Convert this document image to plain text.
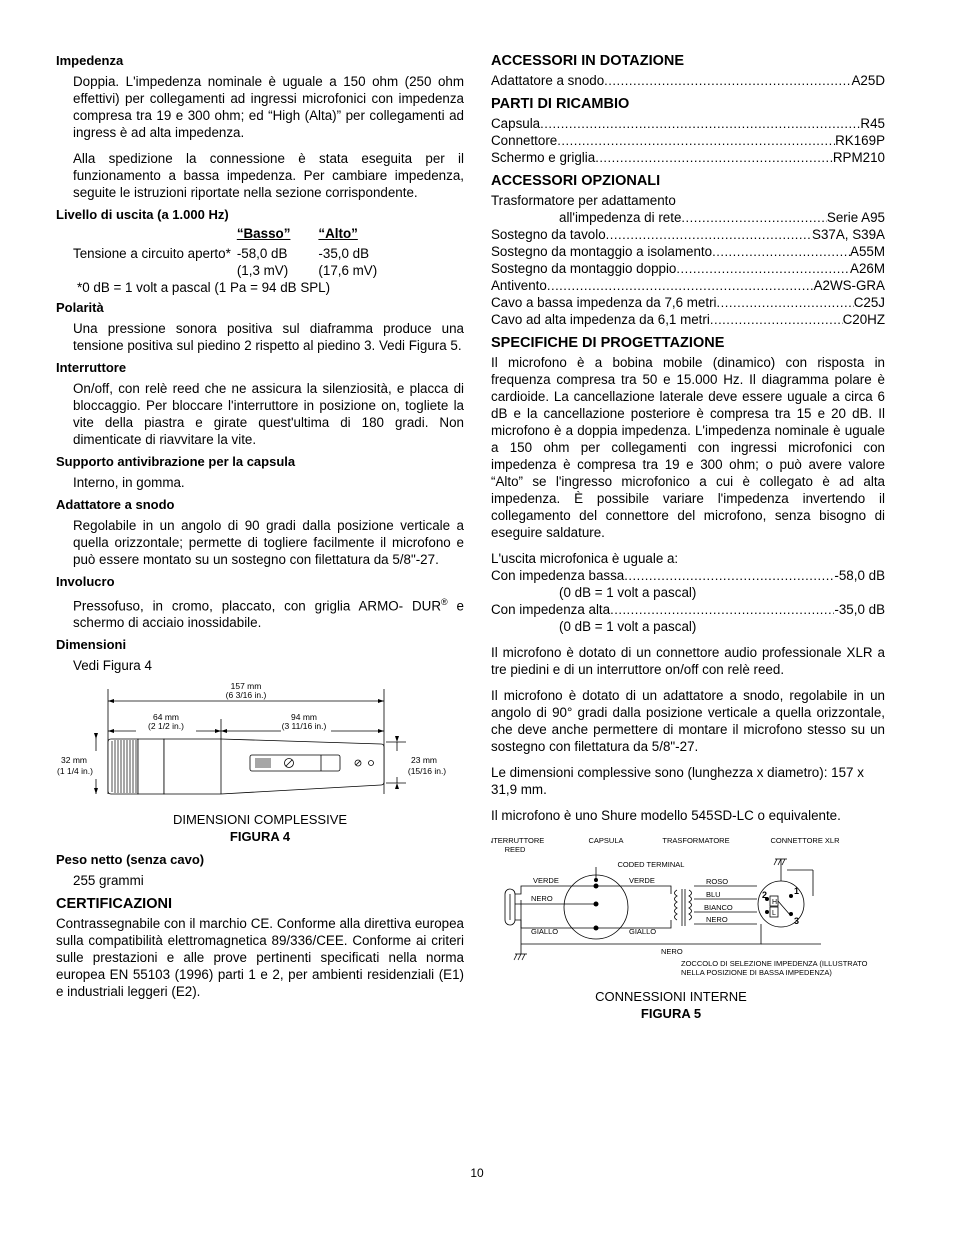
Impedenza

Doppia. L'impedenza nominale è uguale a 150 ohm (250 ohm effettivi) per collegamenti ad ingressi microfonici con impedenza compresa tra 19 e 300 ohm; ed “High (Alta)” per collegamenti ad ingress è ad alta impedenza.

Alla spedizione la connessione è stata eseguita per il funzionamento a bassa impedenza. Per cambiare impedenza, seguite le istruzioni riportate nella sezione corrispondente.

Livello di uscita (a 1.000 Hz)
	“Basso”	“Alto”
Tensione a circuito aperto*	-58,0 dB	-35,0 dB
	(1,3 mV)	(17,6 mV)
*0 dB = 1 volt a pascal (1 Pa = 94 dB SPL)
Polarità
Una pressione sonora positiva sul diaframma produce una tensione positiva sul piedino 2 rispetto al piedino 3. Vedi Figura 5.
Interruttore
On/off, con relè reed che ne assicura la silenziosità, e placca di bloccaggio. Per bloccare l'interruttore in posizione on, togliete la vite della piastra e girate quest'ultima di 180 gradi. Non dimenticate di riavvitare la vite.
Supporto antivibrazione per la capsula
Interno, in gomma.
Adattatore a snodo
Regolabile in un angolo di 90 gradi dalla posizione verticale a quella orizzontale; permette di togliere facilmente il microfono e può essere montato su un sostegno con filettatura da 5/8"-27.
Involucro
Pressofuso, in cromo, placcato, con griglia ARMO- DUR® e schermo di acciaio inossidabile.
Dimensioni
Vedi Figura 4
157 mm
(6 3/16 in.)
64 mm
(2 1/2 in.)
94 mm
(3 11/16 in.)
32 mm
(1 1/4 in.)
23 mm
(15/16 in.)
DIMENSIONI COMPLESSIVE
FIGURA 4
Peso netto (senza cavo)
255 grammi
CERTIFICAZIONI
Contrassegnabile con il marchio CE. Conforme alla direttiva europea sulla compatibilità elettromagnetica 89/336/CEE. Conforme ai criteri sulle prestazioni e alle prove pertinenti specificati nella norma europea EN 55103 (1996) parti 1 e 2, per ambienti residenziali (E1) e industriali leggeri (E2).
ACCESSORI IN DOTAZIONE
Adattatore a snodo .....	A25D
PARTI DI RICAMBIO
Capsula .....	R45
Connettore .....	RK169P
Schermo e griglia .....	RPM210
ACCESSORI OPZIONALI
Trasformatore per adattamento
all'impedenza di rete .....	Serie A95
Sostegno da tavolo .....	S37A, S39A
Sostegno da montaggio a isolamento .....	A55M
Sostegno da montaggio doppio .....	A26M
Antivento .....	A2WS-GRA
Cavo a bassa impedenza da 7,6 metri .....	C25J
Cavo ad alta impedenza da 6,1 metri .....	C20HZ
SPECIFICHE DI PROGETTAZIONE
Il microfono è a bobina mobile (dinamico) con risposta in frequenza compresa tra 50 e 15.000 Hz. Il diagramma polare è cardioide. La cancellazione laterale deve essere uguale a circa 6 dB e la cancellazione posteriore è compresa tra 15 e 20 dB. Il microfono è a doppia impedenza. L'impedenza nominale è uguale a 150 ohm per collegamenti con ingressi microfonici con impedenza è compresa tra 19 e 300 ohm; o può avere valore “Alto” se l'ingresso microfonico a cui è collegato è ad alta impedenza. È possibile variare l'impedenza invertendo il collegamento del connettore del microfono, senza bisogno di eseguire saldature.
L'uscita microfonica è uguale a:
Con impedenza bassa .....	-58,0 dB
(0 dB = 1 volt a pascal)
Con impedenza alta .....	-35,0 dB
(0 dB = 1 volt a pascal)
Il microfono è dotato di un connettore audio professionale XLR a tre piedini e di un interruttore on/off con relè reed.
Il microfono è dotato di un adattatore a snodo, regolabile in un angolo di 90° gradi dalla posizione verticale a quella orizzontale, che deve anche permettere di montare il microfono stesso su un sostegno con filettatura da 5/8"-27.
Le dimensioni complessive sono (lunghezza x diametro): 157 x 31,9 mm.
Il microfono è uno Shure modello 545SD-LC o equivalente.
INTERRUTTORE
REED
CAPSULA	TRASFORMATORE	CONNETTORE XLR
CODED TERMINAL
VERDE	VERDE
NERO
GIALLO	GIALLO
ROSO
BLU
BIANCO
NERO
NERO
2	1
3
H
L
ZOCCOLO DI SELEZIONE IMPEDENZA (ILLUSTRATO
NELLA POSIZIONE DI BASSA IMPEDENZA)
CONNESSIONI INTERNE
FIGURA 5
10
